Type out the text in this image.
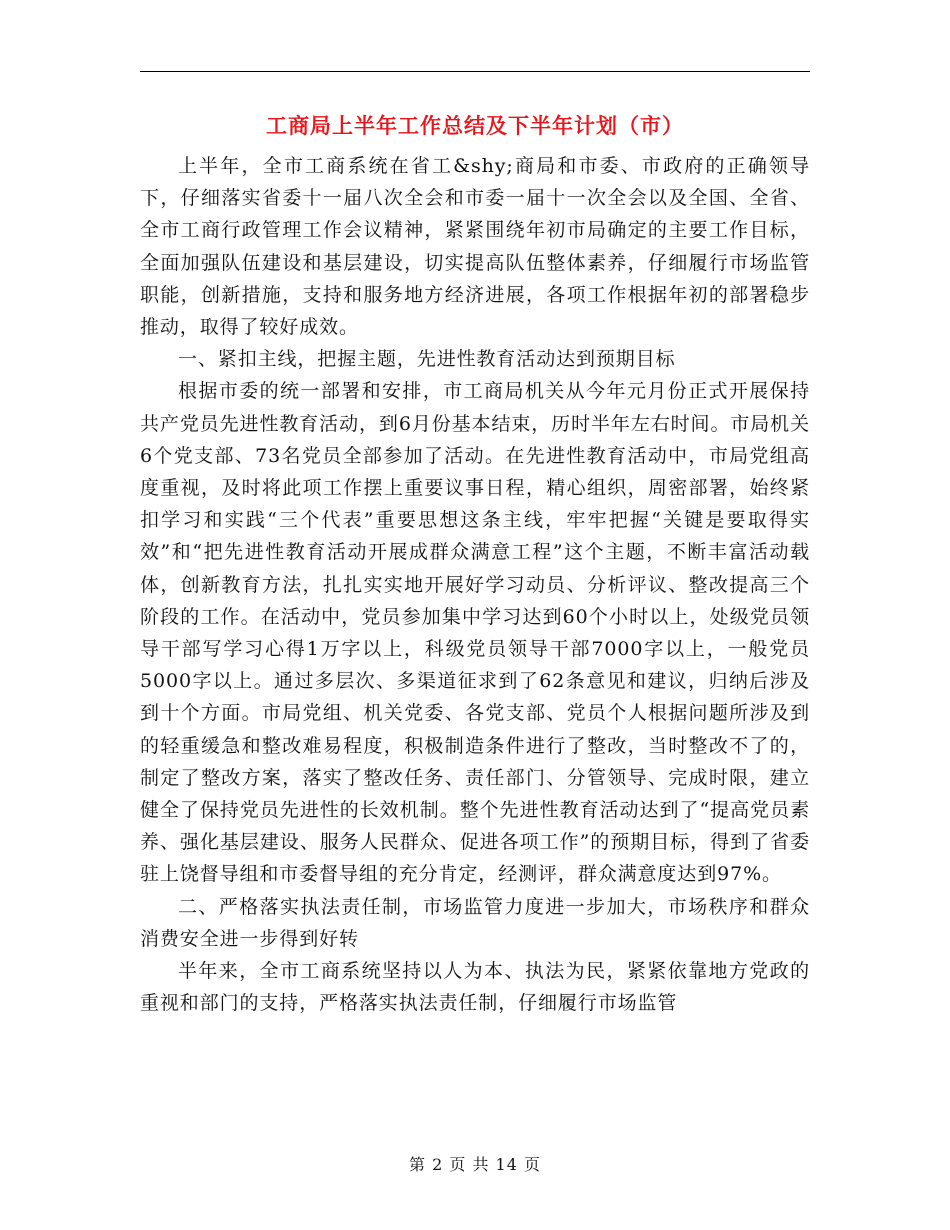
工商局上半年工作总结及下半年计划（市）

上半年，全市工商系统在省工&shy;商局和市委、市政府的正确领导下，仔细落实省委十一届八次全会和市委一届十一次全会以及全国、全省、全市工商行政管理工作会议精神，紧紧围绕年初市局确定的主要工作目标，全面加强队伍建设和基层建设，切实提高队伍整体素养，仔细履行市场监管职能，创新措施，支持和服务地方经济进展，各项工作根据年初的部署稳步推动，取得了较好成效。

一、紧扣主线，把握主题，先进性教育活动达到预期目标

根据市委的统一部署和安排，市工商局机关从今年元月份正式开展保持共产党员先进性教育活动，到6月份基本结束，历时半年左右时间。市局机关6个党支部、73名党员全部参加了活动。在先进性教育活动中，市局党组高度重视，及时将此项工作摆上重要议事日程，精心组织，周密部署，始终紧扣学习和实践“三个代表”重要思想这条主线，牢牢把握“关键是要取得实效”和“把先进性教育活动开展成群众满意工程”这个主题，不断丰富活动载体，创新教育方法，扎扎实实地开展好学习动员、分析评议、整改提高三个阶段的工作。在活动中，党员参加集中学习达到60个小时以上，处级党员领导干部写学习心得1万字以上，科级党员领导干部7000字以上，一般党员5000字以上。通过多层次、多渠道征求到了62条意见和建议，归纳后涉及到十个方面。市局党组、机关党委、各党支部、党员个人根据问题所涉及到的轻重缓急和整改难易程度，积极制造条件进行了整改，当时整改不了的，制定了整改方案，落实了整改任务、责任部门、分管领导、完成时限，建立健全了保持党员先进性的长效机制。整个先进性教育活动达到了“提高党员素养、强化基层建设、服务人民群众、促进各项工作”的预期目标，得到了省委驻上饶督导组和市委督导组的充分肯定，经测评，群众满意度达到97%。

二、严格落实执法责任制，市场监管力度进一步加大，市场秩序和群众消费安全进一步得到好转

半年来，全市工商系统坚持以人为本、执法为民，紧紧依靠地方党政的重视和部门的支持，严格落实执法责任制，仔细履行市场监管

第 2 页 共 14 页
